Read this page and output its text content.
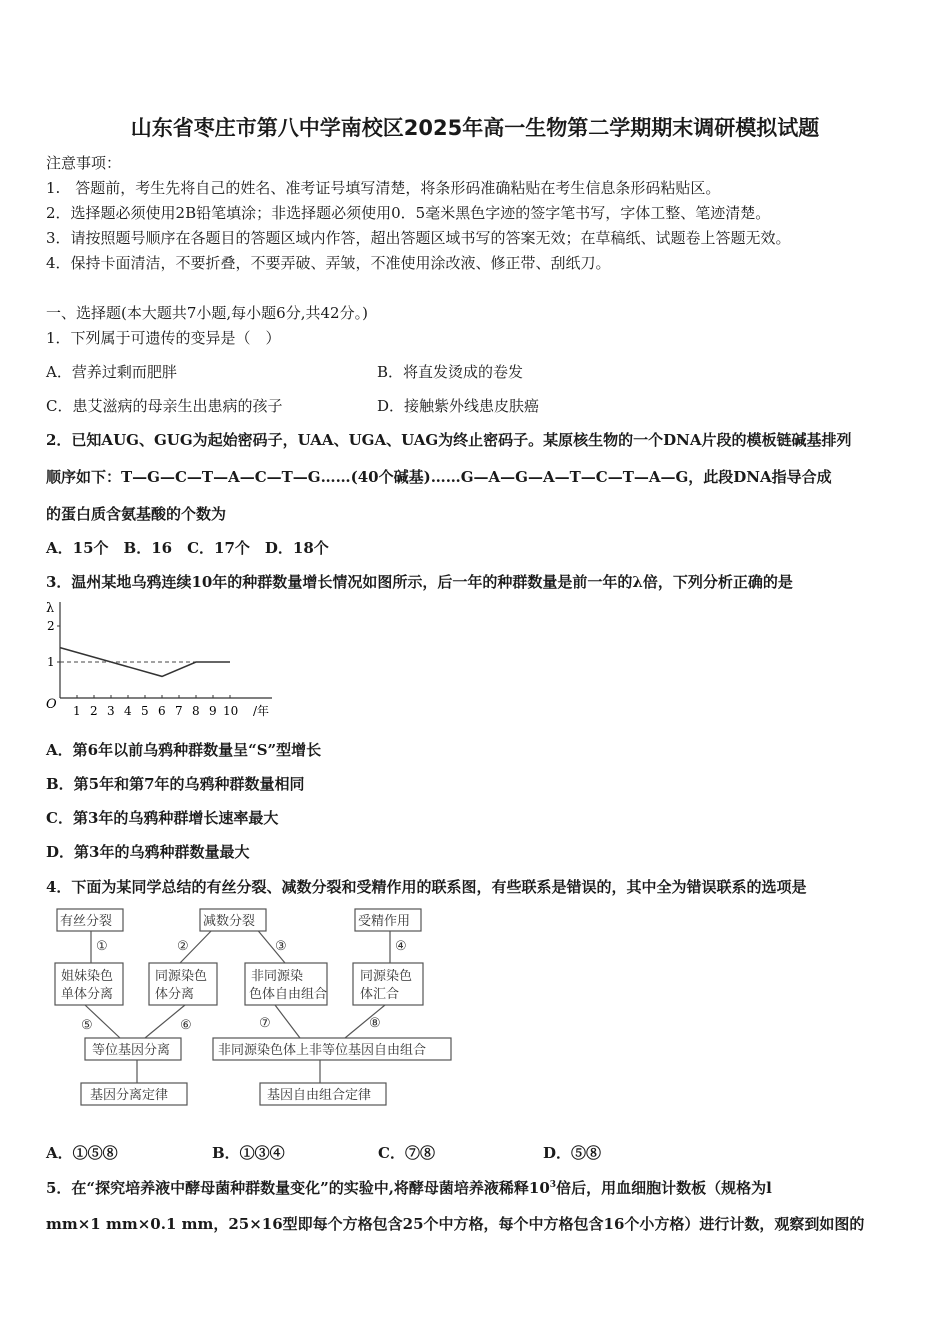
山东省枣庄市第八中学南校区2025年高一生物第二学期期末调研模拟试题
注意事项：
1.　答题前，考生先将自己的姓名、准考证号填写清楚，将条形码准确粘贴在考生信息条形码粘贴区。
2．选择题必须使用2B铅笔填涂；非选择题必须使用0．5毫米黑色字迹的签字笔书写，字体工整、笔迹清楚。
3．请按照题号顺序在各题目的答题区域内作答，超出答题区域书写的答案无效；在草稿纸、试题卷上答题无效。
4．保持卡面清洁，不要折叠，不要弄破、弄皱，不准使用涂改液、修正带、刮纸刀。
一、选择题(本大题共7小题,每小题6分,共42分。)
1．下列属于可遗传的变异是（　）
A．营养过剩而肥胖	B．将直发烫成的卷发
C．患艾滋病的母亲生出患病的孩子	D．接触紫外线患皮肤癌
2．已知AUG、GUG为起始密码子，UAA、UGA、UAG为终止密码子。某原核生物的一个DNA片段的模板链碱基排列
顺序如下：T—G—C—T—A—C—T—G……(40个碱基)……G—A—G—A—T—C—T—A—G，此段DNA指导合成
的蛋白质含氨基酸的个数为
A．15个　B．16　C．17个　D．18个
3．温州某地乌鸦连续10年的种群数量增长情况如图所示，后一年的种群数量是前一年的λ倍，下列分析正确的是
λ
/年
O
1
2
1 2 3 4 5 6 7 8 9 10
A．第6年以前乌鸦种群数量呈“S”型增长
B．第5年和第7年的乌鸦种群数量相同
C．第3年的乌鸦种群增长速率最大
D．第3年的乌鸦种群数量最大
4．下面为某同学总结的有丝分裂、减数分裂和受精作用的联系图，有些联系是错误的，其中全为错误联系的选项是
有丝分裂	减数分裂	受精作用
姐妹染色
单体分离
同源染色
体分离
非同源染
色体自由组合
同源染色
体汇合
等位基因分离	非同源染色体上非等位基因自由组合
基因分离定律	基因自由组合定律
①	②	③	④
⑤	⑥	⑦	⑧
A．①⑤⑧	B．①③④	C．⑦⑧	D．⑤⑧
5．在“探究培养液中酵母菌种群数量变化”的实验中,将酵母菌培养液稀释$10^3$倍后，用血细胞计数板（规格为l
mm×1 mm×0.1 mm，25×16型即每个方格包含25个中方格，每个中方格包含16个小方格）进行计数，观察到如图的
